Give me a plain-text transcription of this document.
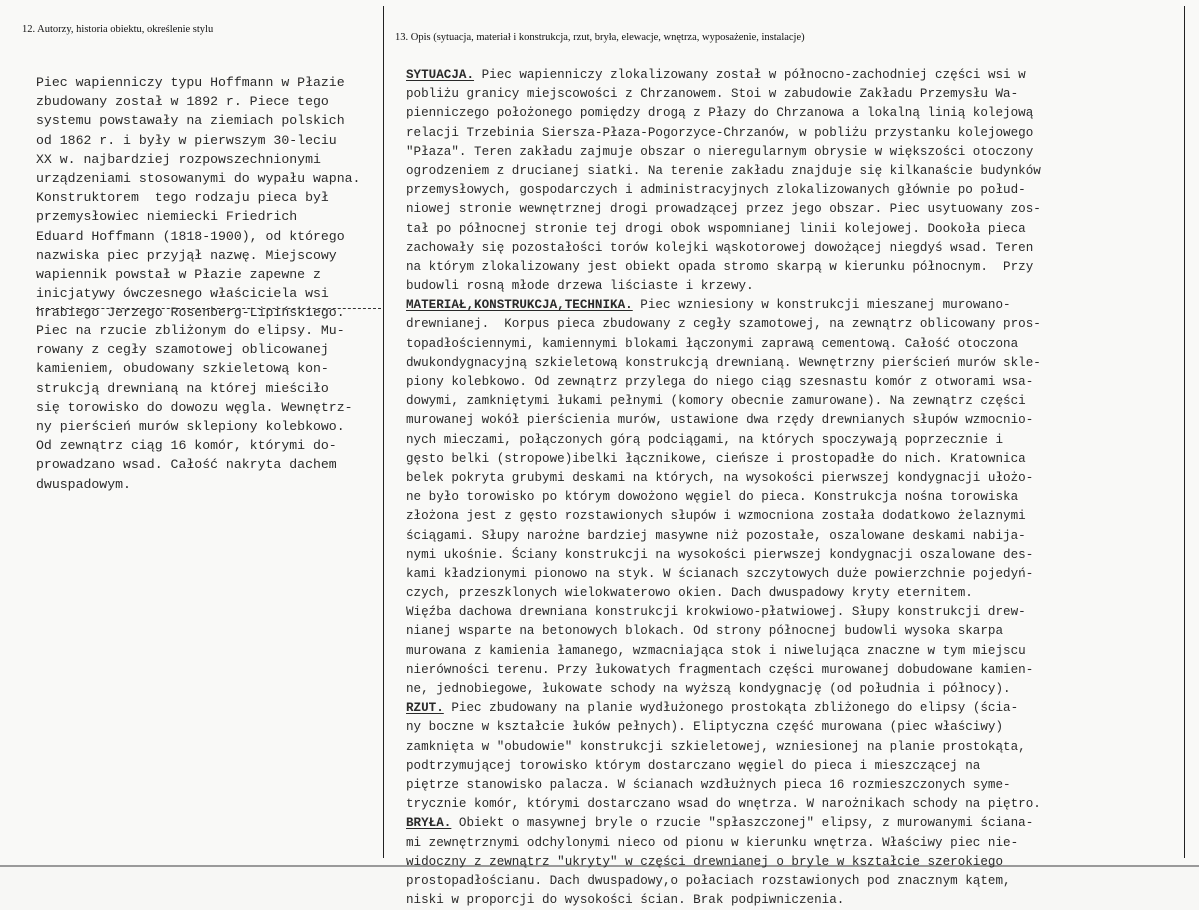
12. Autorzy, historia obiektu, określenie stylu
13. Opis (sytuacja, materiał i konstrukcja, rzut, bryła, elewacje, wnętrza, wyposażenie, instalacje)
Piec wapienniczy typu Hoffmann w Płazie
zbudowany został w 1892 r. Piece tego
systemu powstawały na ziemiach polskich
od 1862 r. i były w pierwszym 30-leciu
XX w. najbardziej rozpowszechnionymi
urządzeniami stosowanymi do wypału wapna.
Konstruktorem  tego rodzaju pieca był
przemysłowiec niemiecki Friedrich
Eduard Hoffmann (1818-1900), od którego
nazwiska piec przyjął nazwę. Miejscowy
wapiennik powstał w Płazie zapewne z
inicjatywy ówczesnego właściciela wsi
hrabiego Jerzego Rosenberg-Lipińskiego.
Piec na rzucie zbliżonym do elipsy. Mu-
rowany z cegły szamotowej oblicowanej
kamieniem, obudowany szkieletową kon-
strukcją drewnianą na której mieściło
się torowisko do dowozu węgla. Wewnętrz-
ny pierścień murów sklepiony kolebkowo.
Od zewnątrz ciąg 16 komór, którymi do-
prowadzano wsad. Całość nakryta dachem
dwuspadowym.
SYTUACJA. Piec wapienniczy zlokalizowany został w północno-zachodniej części wsi w
pobliżu granicy miejscowości z Chrzanowem. Stoi w zabudowie Zakładu Przemysłu Wa-
pienniczego położonego pomiędzy drogą z Płazy do Chrzanowa a lokalną linią kolejową
relacji Trzebinia Siersza-Płaza-Pogorzyce-Chrzanów, w pobliżu przystanku kolejowego
"Płaza". Teren zakładu zajmuje obszar o nieregularnym obrysie w większości otoczony
ogrodzeniem z drucianej siatki. Na terenie zakładu znajduje się kilkanaście budynków
przemysłowych, gospodarczych i administracyjnych zlokalizowanych głównie po połud-
niowej stronie wewnętrznej drogi prowadzącej przez jego obszar. Piec usytuowany zos-
tał po północnej stronie tej drogi obok wspomnianej linii kolejowej. Dookoła pieca
zachowały się pozostałości torów kolejki wąskotorowej dowożącej niegdyś wsad. Teren
na którym zlokalizowany jest obiekt opada stromo skarpą w kierunku północnym.  Przy
budowli rosną młode drzewa liściaste i krzewy.
MATERIAŁ,KONSTRUKCJA,TECHNIKA. Piec wzniesiony w konstrukcji mieszanej murowano-
drewnianej.  Korpus pieca zbudowany z cegły szamotowej, na zewnątrz oblicowany pros-
topadłościennymi, kamiennymi blokami łączonymi zaprawą cementową. Całość otoczona
dwukondygnacyjną szkieletową konstrukcją drewnianą. Wewnętrzny pierścień murów skle-
piony kolebkowo. Od zewnątrz przylega do niego ciąg szesnastu komór z otworami wsa-
dowymi, zamkniętymi łukami pełnymi (komory obecnie zamurowane). Na zewnątrz części
murowanej wokół pierścienia murów, ustawione dwa rzędy drewnianych słupów wzmocnio-
nych mieczami, połączonych górą podciągami, na których spoczywają poprzecznie i
gęsto belki (stropowe)ibelki łącznikowe, cieńsze i prostopadłe do nich. Kratownica
belek pokryta grubymi deskami na których, na wysokości pierwszej kondygnacji ułożo-
ne było torowisko po którym dowożono węgiel do pieca. Konstrukcja nośna torowiska
złożona jest z gęsto rozstawionych słupów i wzmocniona została dodatkowo żelaznymi
ściągami. Słupy narożne bardziej masywne niż pozostałe, oszalowane deskami nabija-
nymi ukośnie. Ściany konstrukcji na wysokości pierwszej kondygnacji oszalowane des-
kami kładzionymi pionowo na styk. W ścianach szczytowych duże powierzchnie pojedyń-
czych, przeszklonych wielokwaterowo okien. Dach dwuspadowy kryty eternitem.
Więźba dachowa drewniana konstrukcji krokwiowo-płatwiowej. Słupy konstrukcji drew-
nianej wsparte na betonowych blokach. Od strony północnej budowli wysoka skarpa
murowana z kamienia łamanego, wzmacniająca stok i niwelująca znaczne w tym miejscu
nierówności terenu. Przy łukowatych fragmentach części murowanej dobudowane kamien-
ne, jednobiegowe, łukowate schody na wyższą kondygnację (od południa i północy).
RZUT. Piec zbudowany na planie wydłużonego prostokąta zbliżonego do elipsy (ścia-
ny boczne w kształcie łuków pełnych). Eliptyczna część murowana (piec właściwy)
zamknięta w "obudowie" konstrukcji szkieletowej, wzniesionej na planie prostokąta,
podtrzymującej torowisko którym dostarczano węgiel do pieca i mieszczącej na
piętrze stanowisko palacza. W ścianach wzdłużnych pieca 16 rozmieszczonych syme-
trycznie komór, którymi dostarczano wsad do wnętrza. W narożnikach schody na piętro.
BRYŁA. Obiekt o masywnej bryle o rzucie "spłaszczonej" elipsy, z murowanymi ściana-
mi zewnętrznymi odchylonymi nieco od pionu w kierunku wnętrza. Właściwy piec nie-
widoczny z zewnątrz "ukryty" w części drewnianej o bryle w kształcie szerokiego
prostopadłościanu. Dach dwuspadowy,o połaciach rozstawionych pod znacznym kątem,
niski w proporcji do wysokości ścian. Brak podpiwniczenia.
